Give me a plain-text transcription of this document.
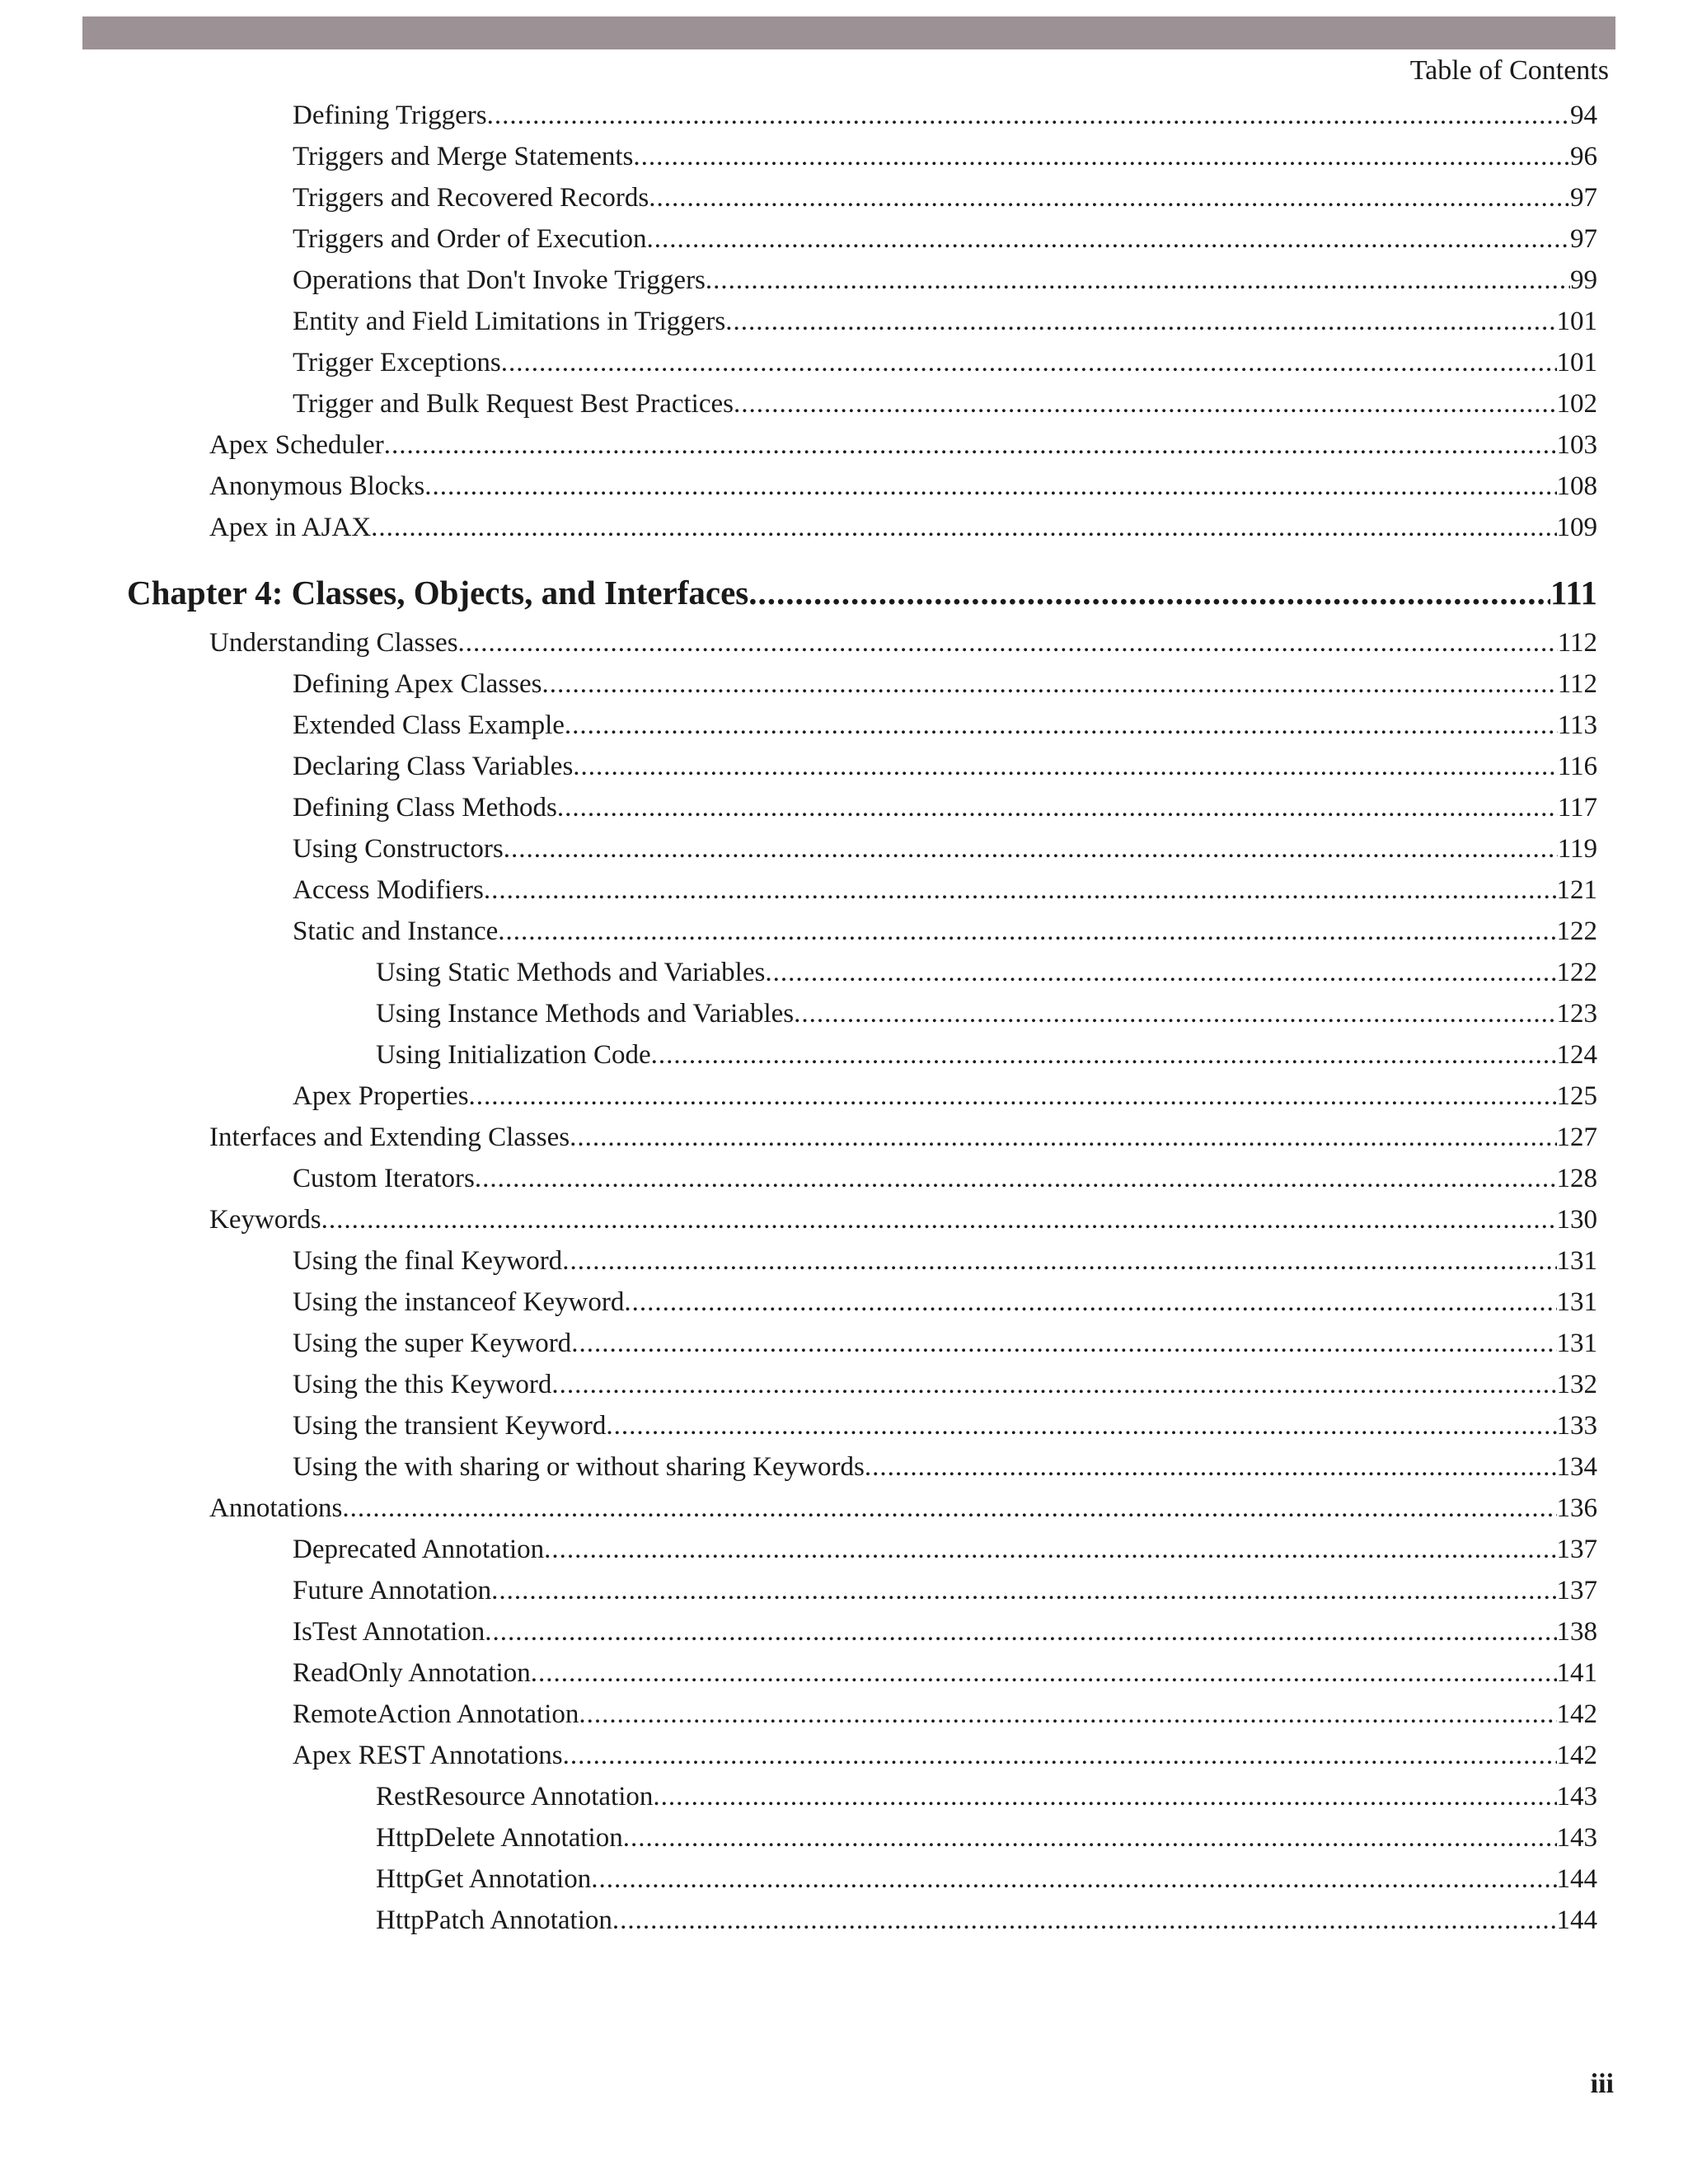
Table of Contents
Defining Triggers .....	94
Triggers and Merge Statements .....	96
Triggers and Recovered Records .....	97
Triggers and Order of Execution .....	97
Operations that Don't Invoke Triggers .....	99
Entity and Field Limitations in Triggers .....	101
Trigger Exceptions .....	101
Trigger and Bulk Request Best Practices .....	102
Apex Scheduler .....	103
Anonymous Blocks .....	108
Apex in AJAX .....	109
Chapter 4: Classes, Objects, and Interfaces .....	111
Understanding Classes .....	112
Defining Apex Classes .....	112
Extended Class Example .....	113
Declaring Class Variables .....	116
Defining Class Methods .....	117
Using Constructors .....	119
Access Modifiers .....	121
Static and Instance .....	122
Using Static Methods and Variables .....	122
Using Instance Methods and Variables .....	123
Using Initialization Code .....	124
Apex Properties .....	125
Interfaces and Extending Classes .....	127
Custom Iterators .....	128
Keywords .....	130
Using the final Keyword .....	131
Using the instanceof Keyword .....	131
Using the super Keyword .....	131
Using the this Keyword .....	132
Using the transient Keyword .....	133
Using the with sharing or without sharing Keywords .....	134
Annotations .....	136
Deprecated Annotation .....	137
Future Annotation .....	137
IsTest Annotation .....	138
ReadOnly Annotation .....	141
RemoteAction Annotation .....	142
Apex REST Annotations .....	142
RestResource Annotation .....	143
HttpDelete Annotation .....	143
HttpGet Annotation .....	144
HttpPatch Annotation .....	144
iii
